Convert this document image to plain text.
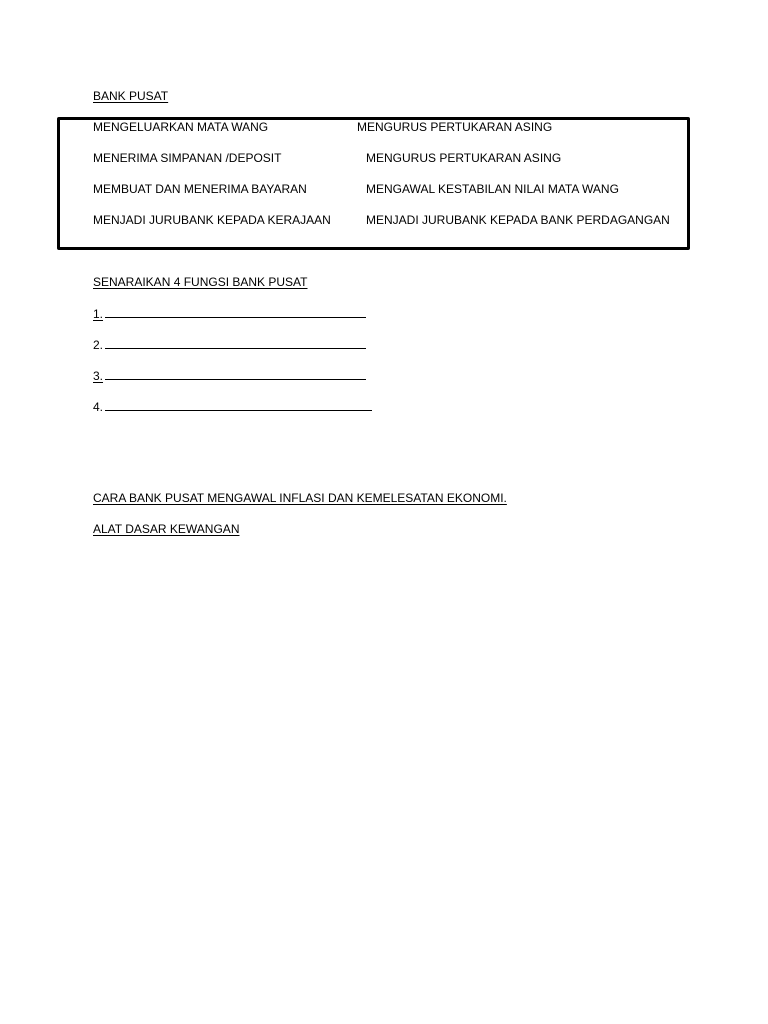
BANK PUSAT
MENGELUARKAN MATA WANG	MENGURUS PERTUKARAN ASING
MENERIMA SIMPANAN /DEPOSIT	MENGURUS PERTUKARAN ASING
MEMBUAT DAN MENERIMA BAYARAN	MENGAWAL KESTABILAN NILAI MATA WANG
MENJADI JURUBANK KEPADA KERAJAAN	MENJADI JURUBANK KEPADA BANK PERDAGANGAN
SENARAIKAN 4 FUNGSI BANK PUSAT
1.
2.
3.
4.
CARA BANK PUSAT MENGAWAL INFLASI DAN KEMELESATAN EKONOMI.
ALAT DASAR KEWANGAN
